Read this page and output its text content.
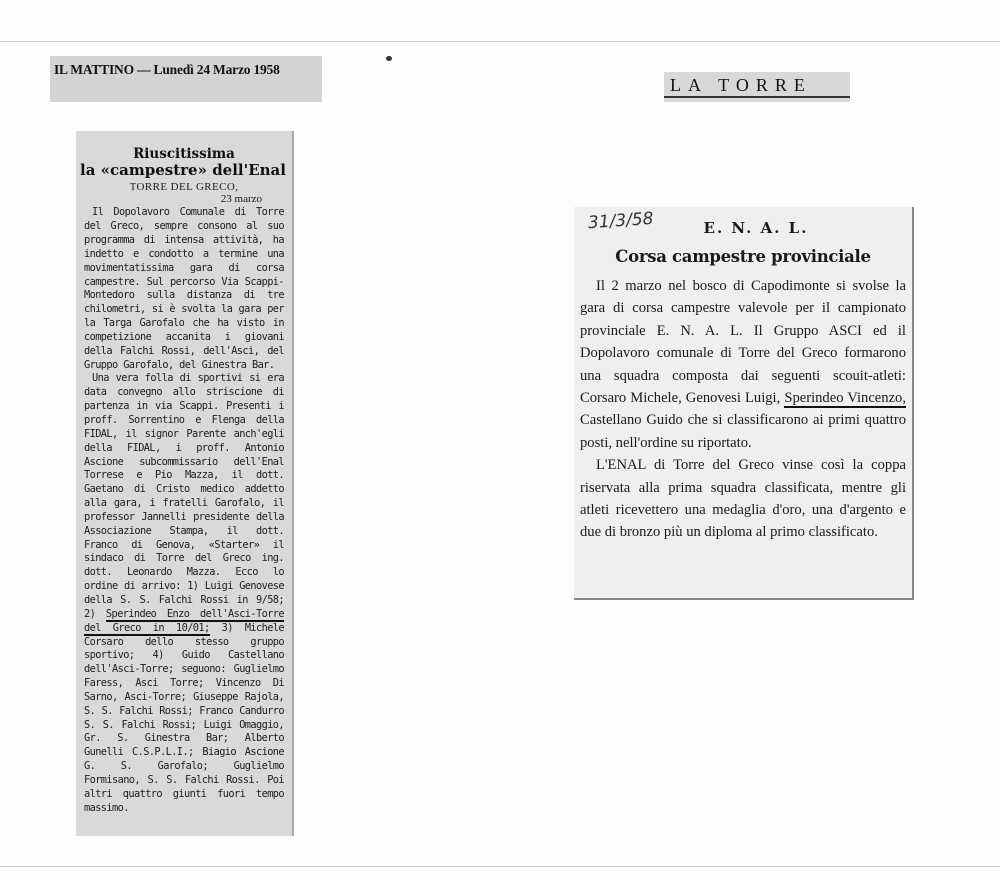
IL MATTINO — Lunedì 24 Marzo 1958
LA TORRE
Riuscitissima
la «campestre» dell'Enal
TORRE DEL GRECO,
23 marzo

Il Dopolavoro Comunale di Torre del Greco, sempre consono al suo programma di intensa attività, ha indetto e condotto a termine una movimentatissima gara di corsa campestre. Sul percorso Via Scappi-Montedoro sulla distanza di tre chilometri, si è svolta la gara per la Targa Garofalo che ha visto in competizione accanita i giovani della Falchi Rossi, dell'Asci, del Gruppo Garofalo, del Ginestra Bar.

Una vera folla di sportivi si era data convegno allo striscione di partenza in via Scappi. Presenti i proff. Sorrentino e Flenga della FIDAL, il signor Parente anch'egli della FIDAL, i proff. Antonio Ascione subcommissario dell'Enal Torrese e Pio Mazza, il dott. Gaetano di Cristo medico addetto alla gara, i fratelli Garofalo, il professor Jannelli presidente della Associazione Stampa, il dott. Franco di Genova, «Starter» il sindaco di Torre del Greco ing. dott. Leonardo Mazza. Ecco lo ordine di arrivo: 1) Luigi Genovese della S. S. Falchi Rossi in 9/58; 2) Sperindeo Enzo dell'Asci-Torre del Greco in 10/01; 3) Michele Corsaro dello stesso gruppo sportivo; 4) Guido Castellano dell'Asci-Torre; seguono: Guglielmo Faress, Asci Torre; Vincenzo Di Sarno, Asci-Torre; Giuseppe Rajola, S. S. Falchi Rossi; Franco Candurro S. S. Falchi Rossi; Luigi Omaggio, Gr. S. Ginestra Bar; Alberto Gunelli C.S.P.L.I.; Biagio Ascione G. S. Garofalo; Guglielmo Formisano, S. S. Falchi Rossi. Poi altri quattro giunti fuori tempo massimo.

31/3/58	E. N. A. L.
Corsa campestre provinciale

Il 2 marzo nel bosco di Capodimonte si svolse la gara di corsa campestre valevole per il campionato provinciale E. N. A. L. Il Gruppo ASCI ed il Dopolavoro comunale di Torre del Greco formarono una squadra composta dai seguenti scouit-atleti: Corsaro Michele, Genovesi Luigi, Sperindeo Vincenzo, Castellano Guido che si classificarono ai primi quattro posti, nell'ordine su riportato.

L'ENAL di Torre del Greco vinse così la coppa riservata alla prima squadra classificata, mentre gli atleti ricevettero una medaglia d'oro, una d'argento e due di bronzo più un diploma al primo classificato.
